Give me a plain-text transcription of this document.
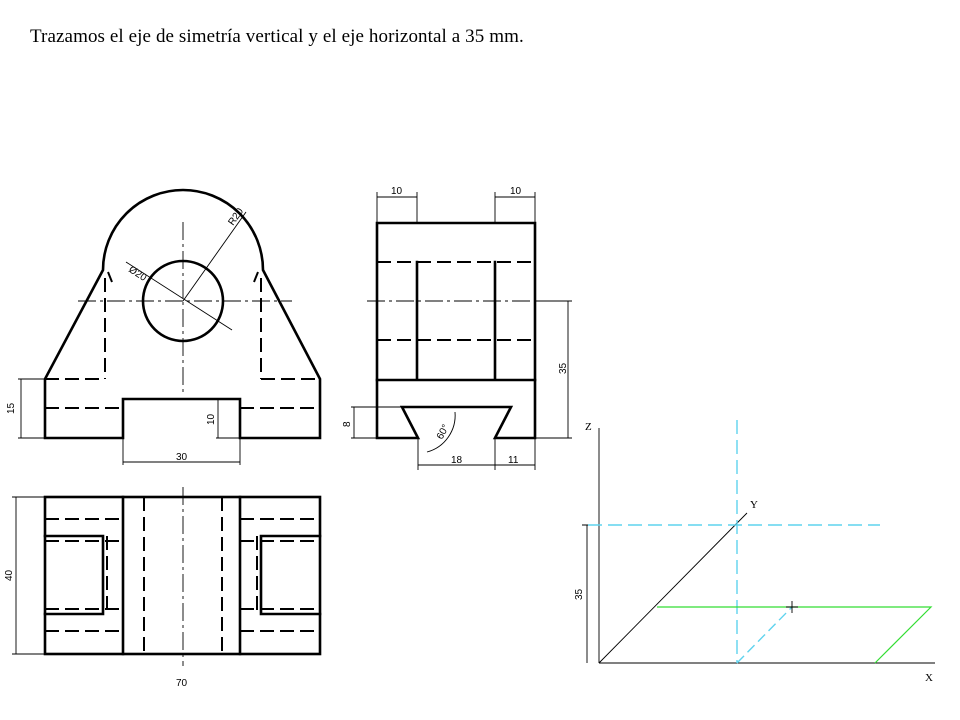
Trazamos el eje de simetría vertical y el eje horizontal a 35 mm.
R20
Ø20
15
10
30
10	10
35
8	60°
18	11
40
70
Z
Y
X
35
